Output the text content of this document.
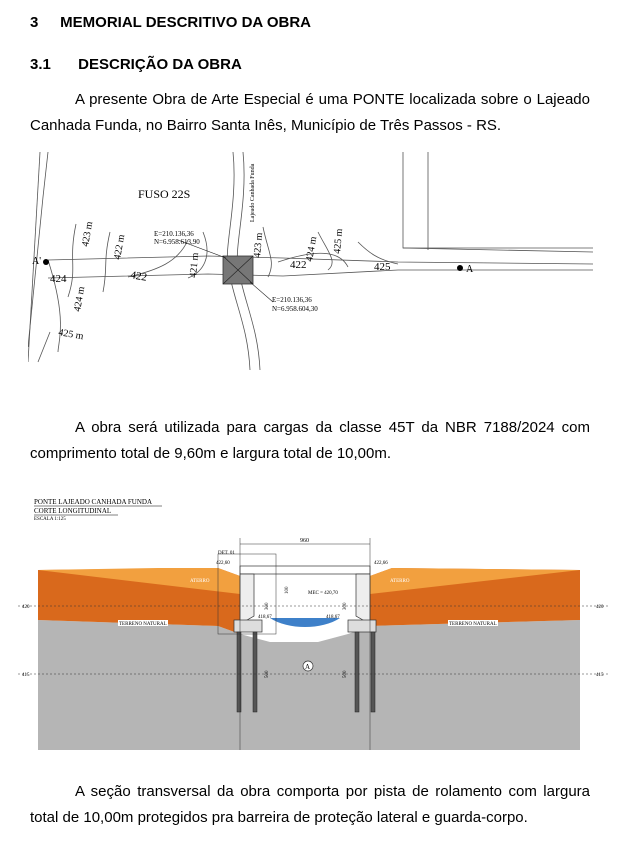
3 MEMORIAL DESCRITIVO DA OBRA
3.1 DESCRIÇÃO DA OBRA
A presente Obra de Arte Especial é uma PONTE localizada sobre o Lajeado Canhada Funda, no Bairro Santa Inês, Município de Três Passos - RS.
FUSO 22S
E=210.136,36
N=6.958.613,90
E=210.136,36
N=6.958.604,30
A
A'
Lajeado Canhada Funda
423 m 422 m
421 m
423 m	424 m 425 m
424	422
422	425
424 m
425 m
A obra será utilizada para cargas da classe 45T da NBR 7188/2024 com comprimento total de 9,60m e largura total de 10,00m.
PONTE LAJEADO CANHADA FUNDA
CORTE LONGITUDINAL
ESCALA 1:125
A
960
DET. 01
422,60	422,66
ATERRO	ATERRO
TERRENO NATURAL	TERRENO NATURAL
MEC = 420,70
418,67	418,67
420	420
415	415
300	300
500	500
100
A seção transversal da obra comporta por pista de rolamento com largura total de 10,00m protegidos pra barreira de proteção lateral e guarda-corpo.
